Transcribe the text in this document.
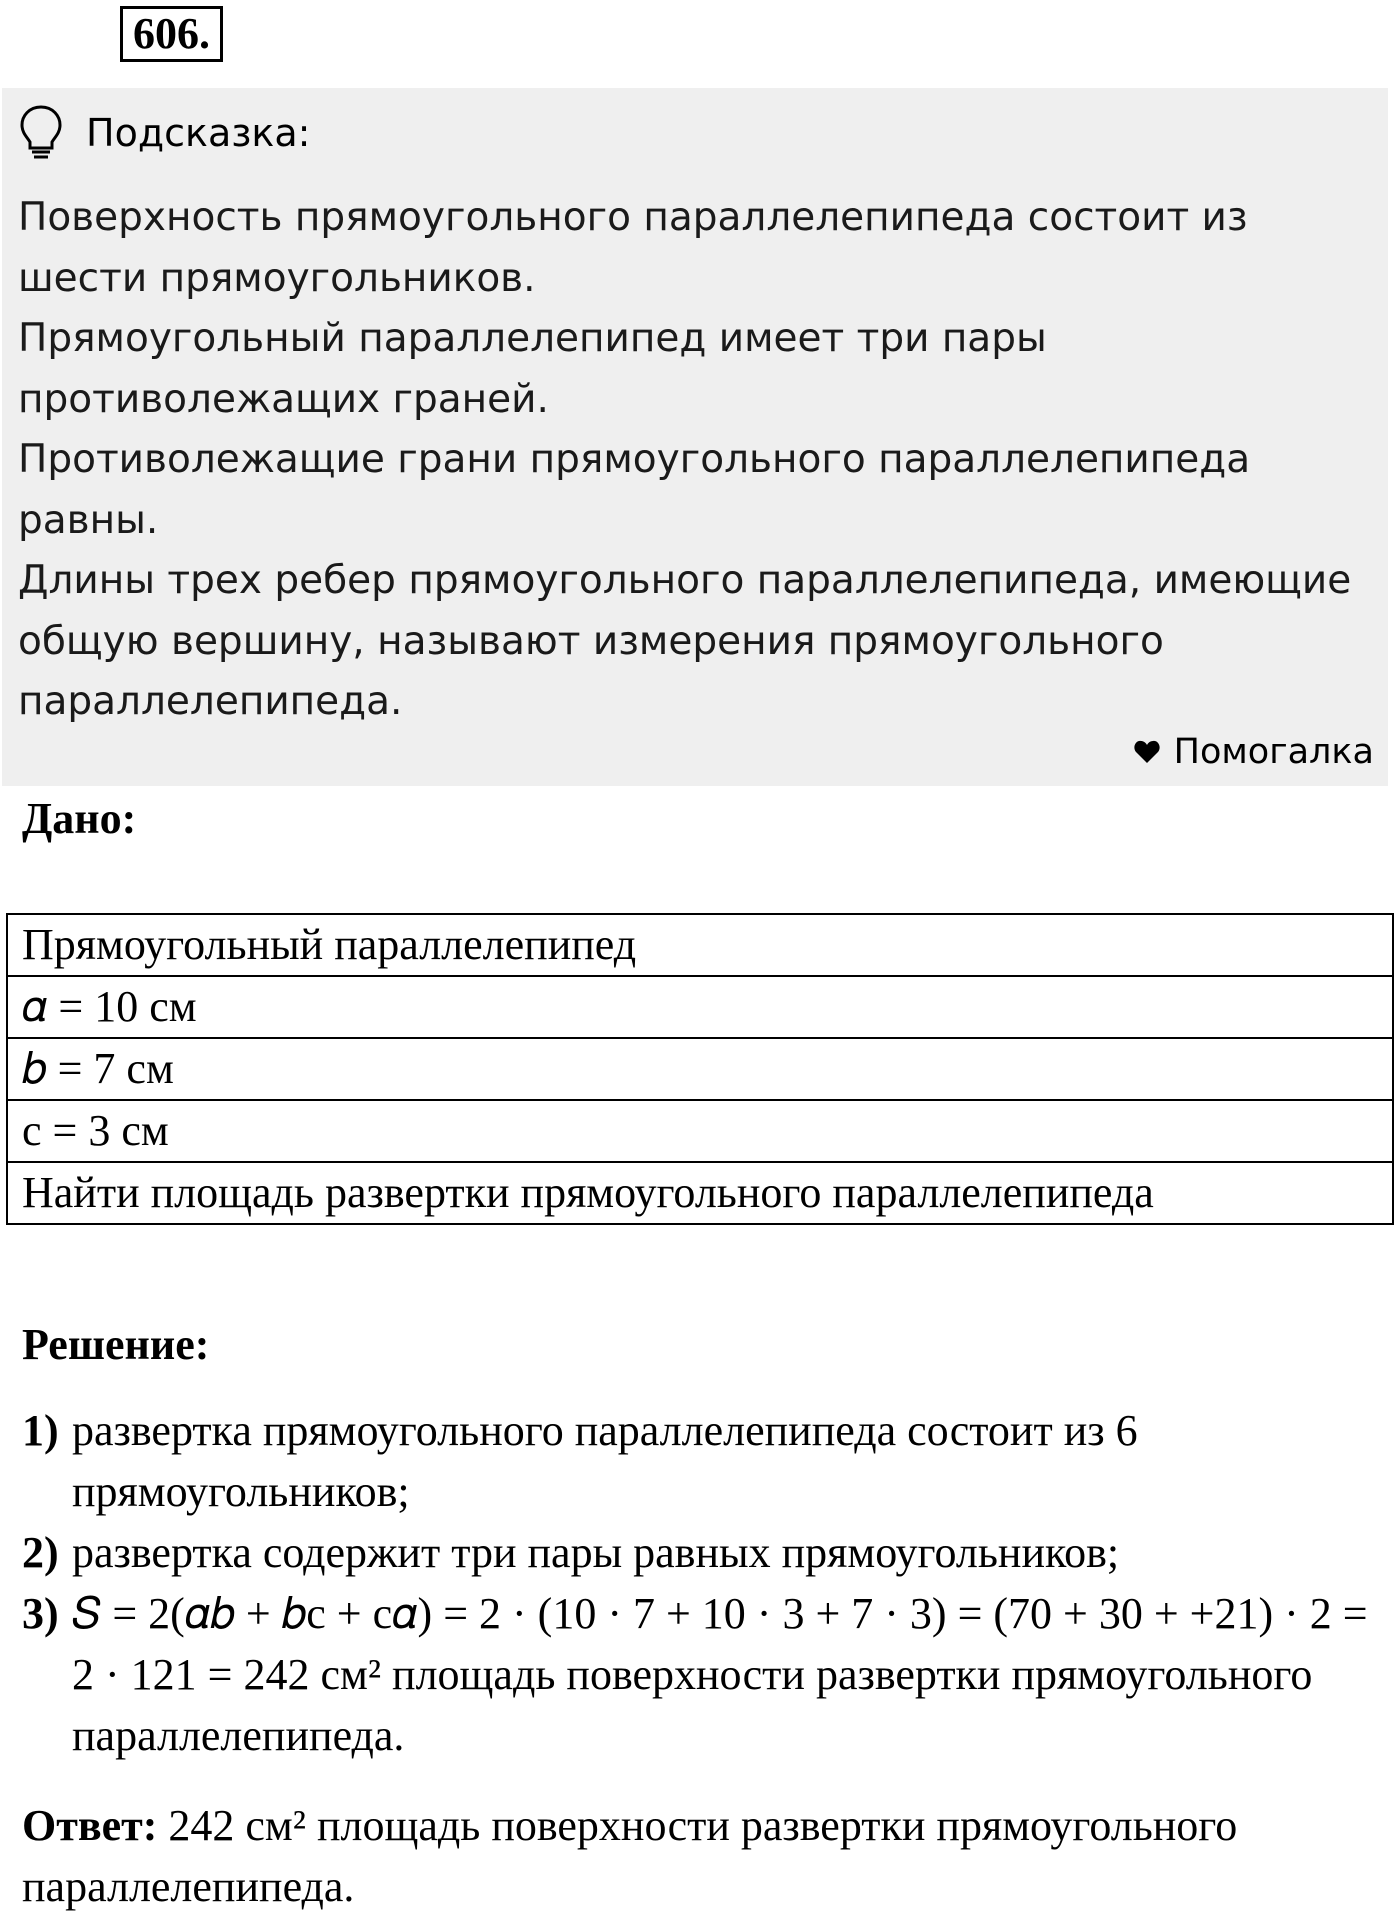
606.
Подсказка:

Поверхность прямоугольного параллелепипеда состоит из шести прямоугольников.

Прямоугольный параллелепипед имеет три пары противолежащих граней.

Противолежащие грани прямоугольного параллелепипеда равны.

Длины трех ребер прямоугольного параллелепипеда, имеющие общую вершину, называют измерения прямоугольного параллелепипеда.

Помогалка
Дано:
Прямоугольный параллелепипед
𝛼 = 10 см
𝑏 = 7 см
c = 3 см
Найти площадь развертки прямоугольного параллелепипеда
Решение:
1) развертка прямоугольного параллелепипеда состоит из 6 прямоугольников;
2) развертка содержит три пары равных прямоугольников;
3) 𝑆 = 2(𝛼𝑏 + 𝑏c + c𝛼) = 2 · (10 · 7 + 10 · 3 + 7 · 3) = (70 + 30 + +21) · 2 = 2 · 121 = 242 см² площадь поверхности развертки прямоугольного параллелепипеда.
Ответ: 242 см² площадь поверхности развертки прямоугольного параллелепипеда.
